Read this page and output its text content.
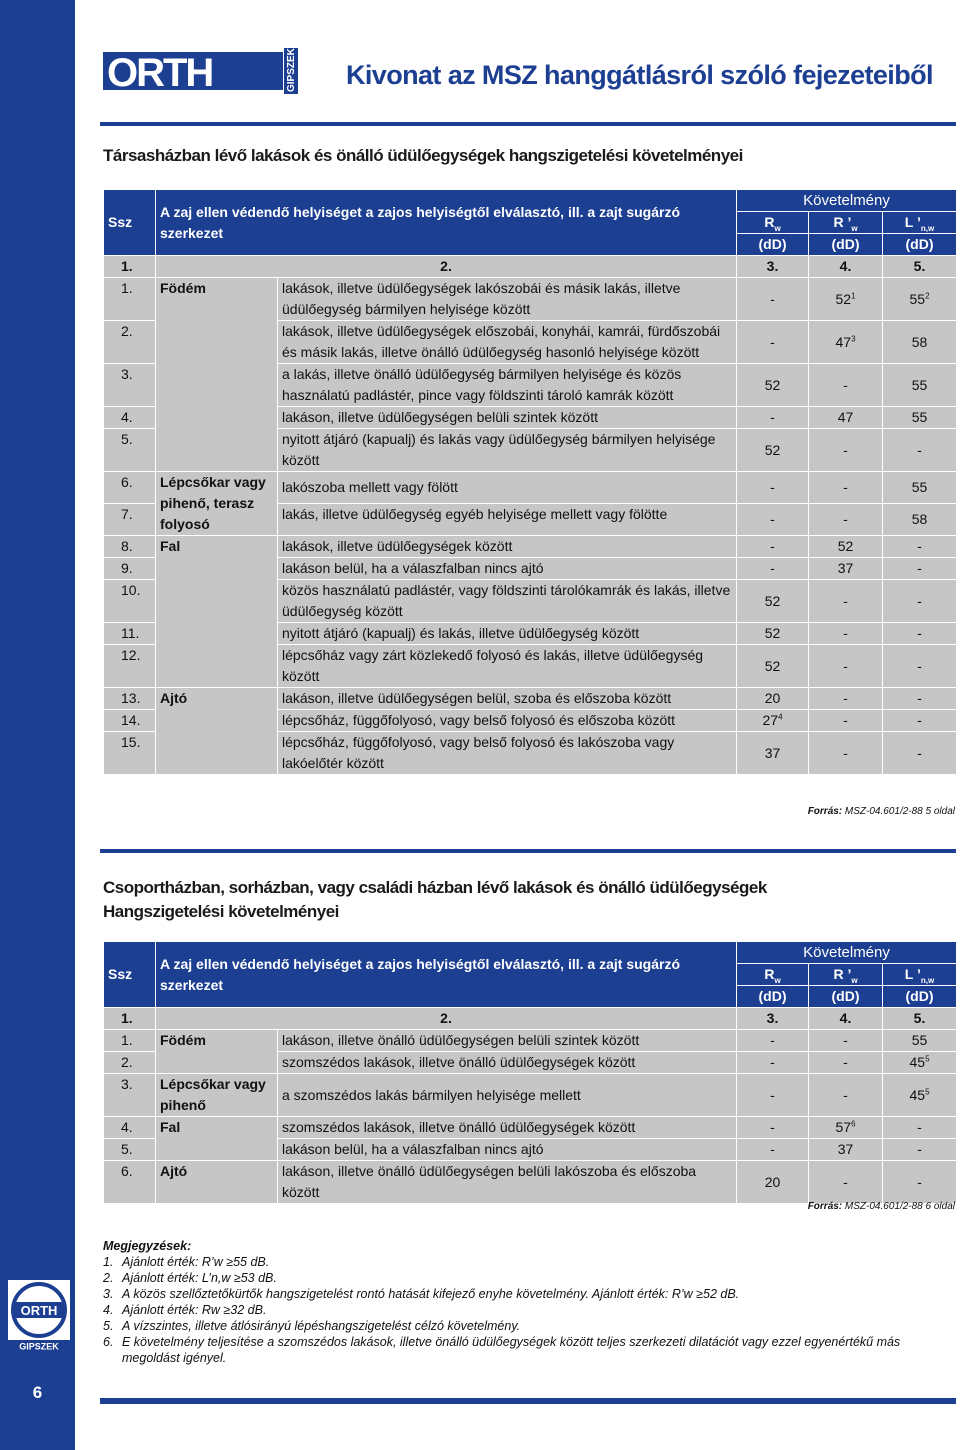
ORTH	GIPSZEK Kivonat az MSZ hanggátlásról szóló fejezeteiből
Társasházban lévő lakások és önálló üdülőegységek hangszigetelési követelményei
Ssz	A zaj ellen védendő helyiséget a zajos helyiségtől elválasztó, ill. a zajt sugárzó szerkezet		Követelmény		
			$R_w$	R $’_w$	L $’_{n,w}$
			(dD)	(dD)	(dD)
1.	2.		3.	4.	5.
1.	Födém	lakások, illetve üdülőegységek lakószobái és másik lakás, illetve üdülőegység bármilyen helyisége között	-	$52^1$	$55^2$
2.		lakások, illetve üdülőegységek előszobái, konyhái, kamrái, fürdőszobái és másik lakás, illetve önálló üdülőegység hasonló helyisége között	-	$47^3$	58
3.		a lakás, illetve önálló üdülőegység bármilyen helyisége és közös használatú padlástér, pince vagy földszinti tároló kamrák között	52	-	55
4.		lakáson, illetve üdülőegységen belüli szintek között	-	47	55
5.		nyitott átjáró (kapualj) és lakás vagy üdülőegység bármilyen helyisége között	52	-	-
6.	Lépcsőkar vagy pihenő, terasz folyosó	lakószoba mellett vagy fölött	-	-	55
7.		lakás, illetve üdülőegység egyéb helyisége mellett vagy fölötte	-	-	58
8.	Fal	lakások, illetve üdülőegységek között	-	52	-
9.		lakáson belül, ha a válaszfalban nincs ajtó	-	37	-
10.		közös használatú padlástér, vagy földszinti tárolókamrák és lakás, illetve üdülőegység között	52	-	-
11.		nyitott átjáró (kapualj) és lakás, illetve üdülőegység között	52	-	-
12.		lépcsőház vagy zárt közlekedő folyosó és lakás, illetve üdülőegység között	52	-	-
13.	Ajtó	lakáson, illetve üdülőegységen belül, szoba és előszoba között	20	-	-
14.		lépcsőház, függőfolyosó, vagy belső folyosó és előszoba között	$27^4$	-	-
15.		lépcsőház, függőfolyosó, vagy belső folyosó és lakószoba vagy lakóelőtér között	37	-	-
Forrás: MSZ-04.601/2-88 5 oldal
Csoportházban, sorházban, vagy családi házban lévő lakások és önálló üdülőegységek
Hangszigetelési követelményei
Ssz	A zaj ellen védendő helyiséget a zajos helyiségtől elválasztó, ill. a zajt sugárzó szerkezet		Követelmény		
			$R_w$	R $’_w$	L $’_{n,w}$
			(dD)	(dD)	(dD)
1.	2.		3.	4.	5.
1.	Födém	lakáson, illetve önálló üdülőegységen belüli szintek között	-	-	55
2.		szomszédos lakások, illetve önálló üdülőegységek között	-	-	$45^5$
3.	Lépcsőkar vagy pihenő	a szomszédos lakás bármilyen helyisége mellett	-	-	$45^5$
4.	Fal	szomszédos lakások, illetve önálló üdülőegységek között	-	$57^6$	-
5.		lakáson belül, ha a válaszfalban nincs ajtó	-	37	-
6.	Ajtó	lakáson, illetve önálló üdülőegységen belüli lakószoba és előszoba között	20	-	-
Forrás: MSZ-04.601/2-88 6 oldal
Megjegyzések:
1. Ajánlott érték: R’w ≥55 dB.
2. Ajánlott érték: L’n,w ≥53 dB.
3. A közös szellőztetőkürtők hangszigetelést rontó hatását kifejező enyhe követelmény. Ajánlott érték: R’w ≥52 dB.
4. Ajánlott érték: Rw ≥32 dB.
5. A vízszintes, illetve átlósirányú lépéshangszigetelést célzó követelmény.
6. E követelmény teljesítése a szomszédos lakások, illetve önálló üdülőegységek között teljes szerkezeti dilatációt vagy ezzel egyenértékű más megoldást igényel.
ORTH
GIPSZEK
6
